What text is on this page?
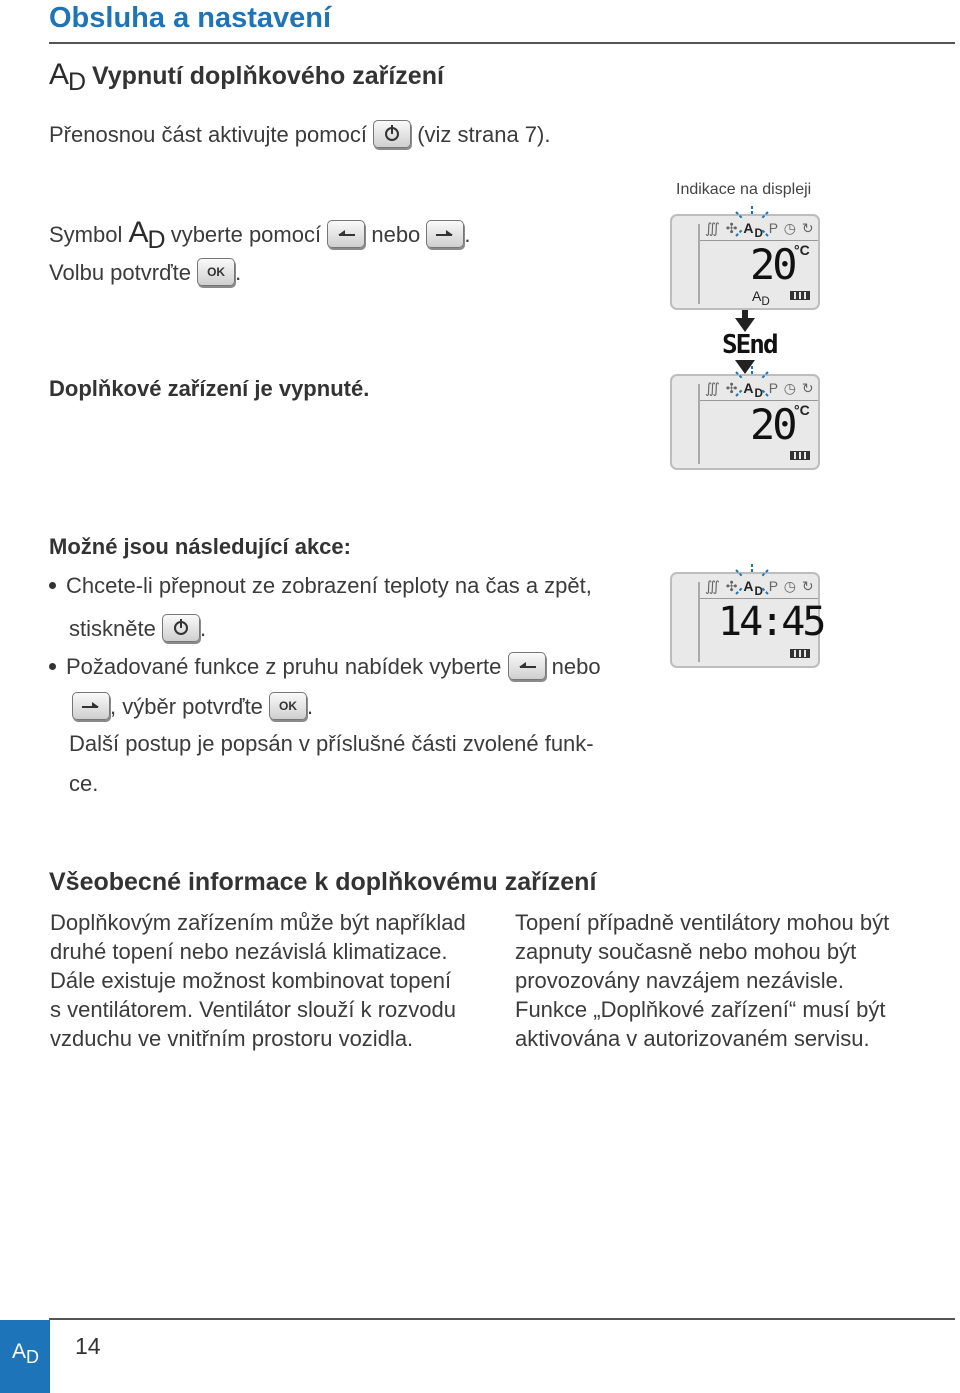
Obsluha a nastavení
AD Vypnutí doplňkového zařízení
Přenosnou část aktivujte pomocí (viz strana 7).
Indikace na displeji
Symbol AD vyberte pomocí nebo .
Volbu potvrďte OK .
∭ ✣ $A_D$ P ◷ ↻
20 °C
$A_D$
SEnd
Doplňkové zařízení je vypnuté.	∭ ✣ $A_D$ P ◷ ↻
20 °C
Možné jsou následující akce:
Chcete-li přepnout ze zobrazení teploty na čas a zpět,
stiskněte .
Požadované funkce z pruhu nabídek vyberte nebo
, výběr potvrďte OK .
Další postup je popsán v příslušné části zvolené funk-
ce.
∭ ✣ $A_D$ P ◷ ↻
14:45
Všeobecné informace k doplňkovému zařízení
Doplňkovým zařízením může být například
druhé topení nebo nezávislá klimatizace.
Dále existuje možnost kombinovat topení
s ventilátorem. Ventilátor slouží k rozvodu
vzduchu ve vnitřním prostoru vozidla.
Topení případně ventilátory mohou být
zapnuty současně nebo mohou být
provozovány navzájem nezávisle.
Funkce „Doplňkové zařízení“ musí být
aktivována v autorizovaném servisu.
AD 14
